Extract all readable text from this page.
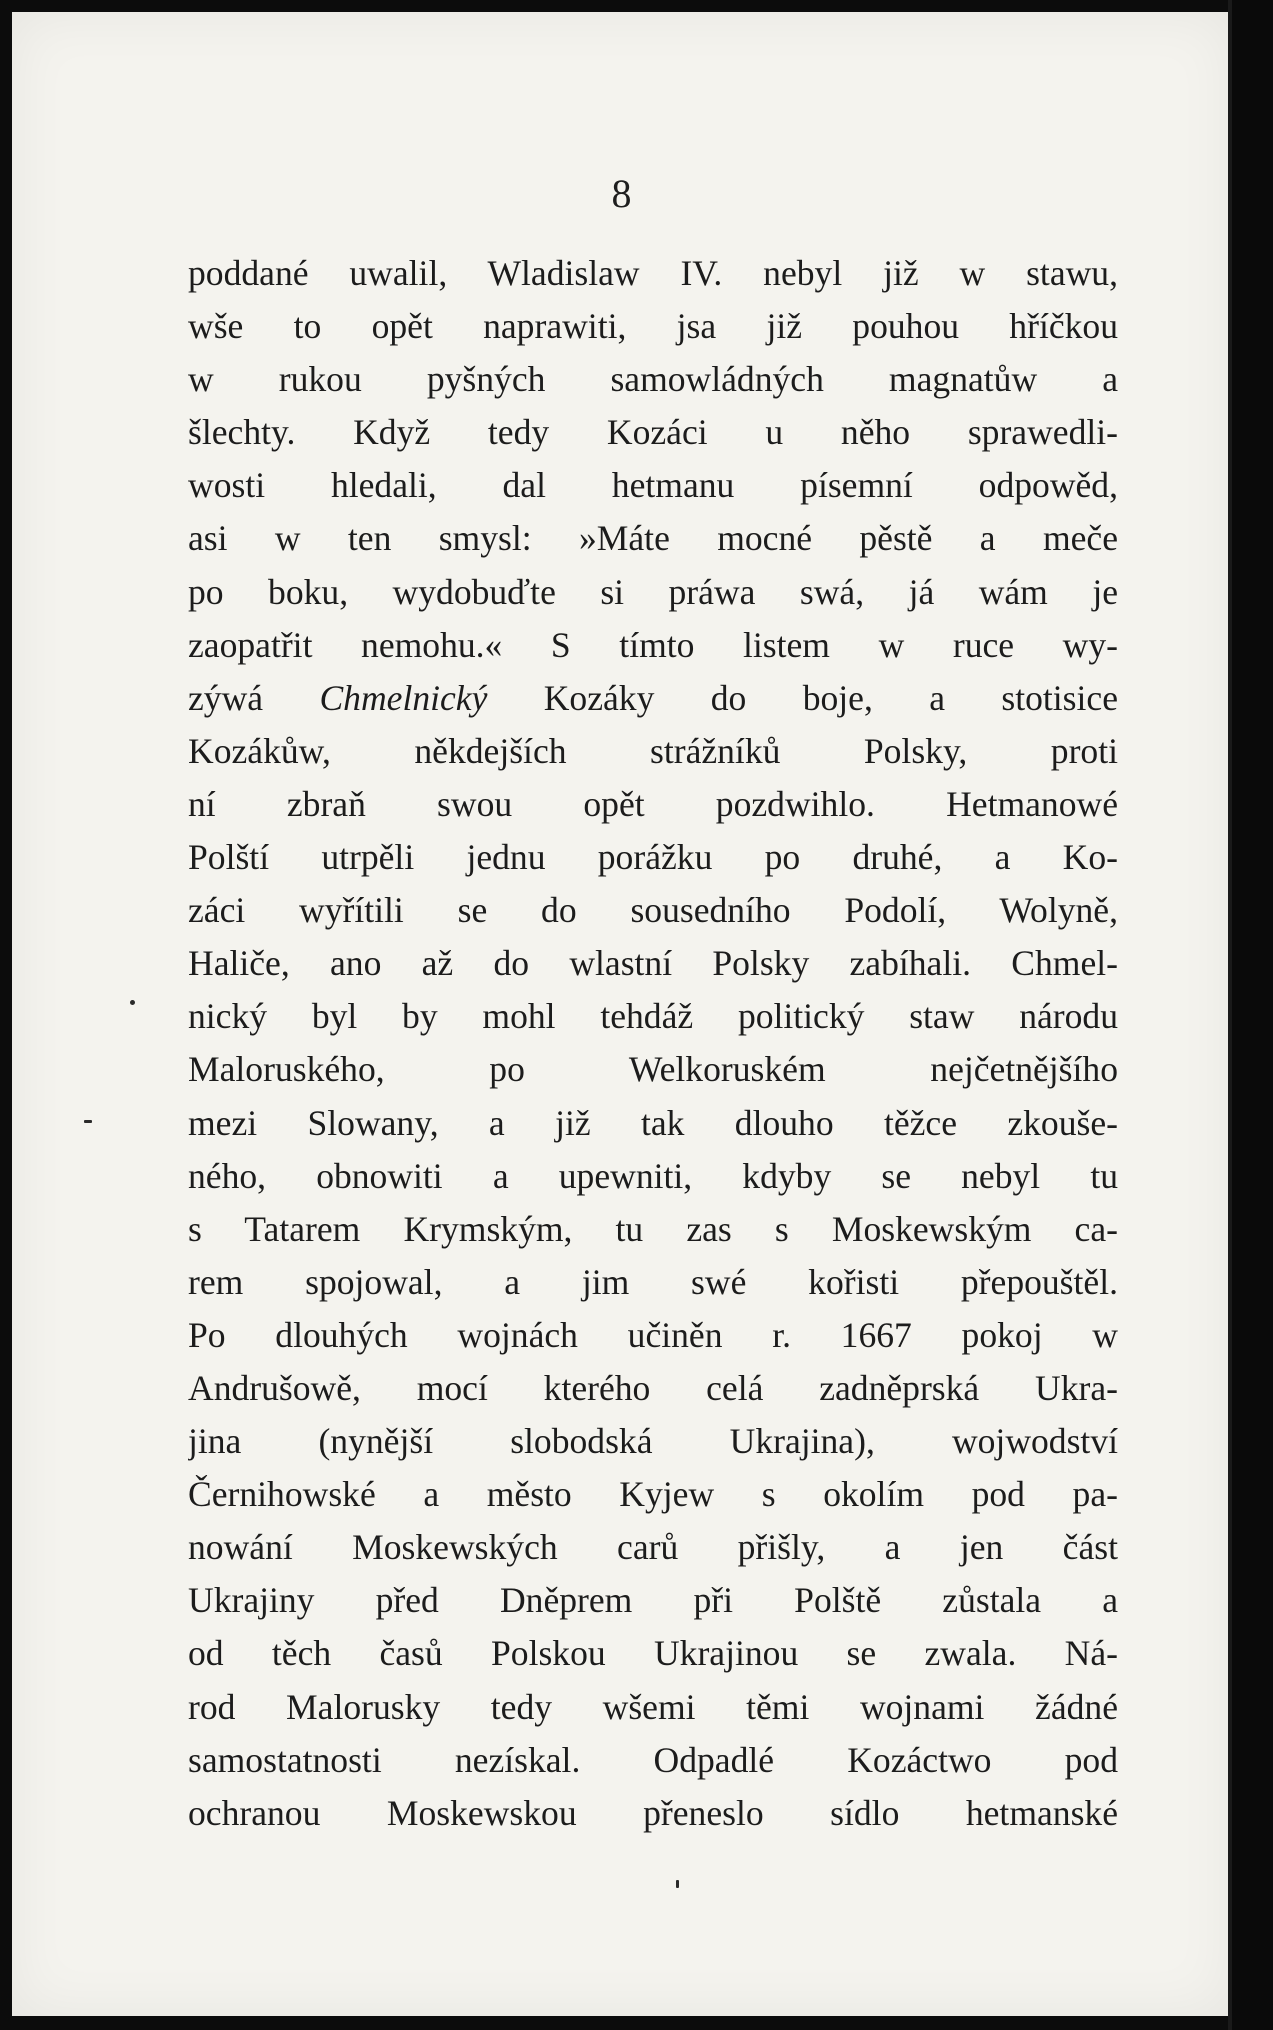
8
poddané uwalil, Wladislaw IV. nebyl již w stawu,
wše to opět naprawiti, jsa již pouhou hříčkou
w rukou pyšných samowládných magnatůw a
šlechty. Když tedy Kozáci u něho sprawedli-
wosti hledali, dal hetmanu písemní odpowěd,
asi w ten smysl: »Máte mocné pěstě a meče
po boku, wydobuďte si práwa swá, já wám je
zaopatřit nemohu.« S tímto listem w ruce wy-
zýwá Chmelnický Kozáky do boje, a stotisice
Kozákůw, někdejších strážníků Polsky, proti
ní zbraň swou opět pozdwihlo. Hetmanowé
Polští utrpěli jednu porážku po druhé, a Ko-
záci wyřítili se do sousedního Podolí, Wolyně,
Haliče, ano až do wlastní Polsky zabíhali. Chmel-
nický byl by mohl tehdáž politický staw národu
Maloruského, po Welkoruském nejčetnějšího
mezi Slowany, a již tak dlouho těžce zkouše-
ného, obnowiti a upewniti, kdyby se nebyl tu
s Tatarem Krymským, tu zas s Moskewským ca-
rem spojowal, a jim swé kořisti přepouštěl.
Po dlouhých wojnách učiněn r. 1667 pokoj w
Andrušowě, mocí kterého celá zadněprská Ukra-
jina (nynější slobodská Ukrajina), wojwodství
Černihowské a město Kyjew s okolím pod pa-
nowání Moskewských carů přišly, a jen část
Ukrajiny před Dněprem při Polště zůstala a
od těch časů Polskou Ukrajinou se zwala. Ná-
rod Malorusky tedy wšemi těmi wojnami žádné
samostatnosti nezískal. Odpadlé Kozáctwo pod
ochranou Moskewskou přeneslo sídlo hetmanské
